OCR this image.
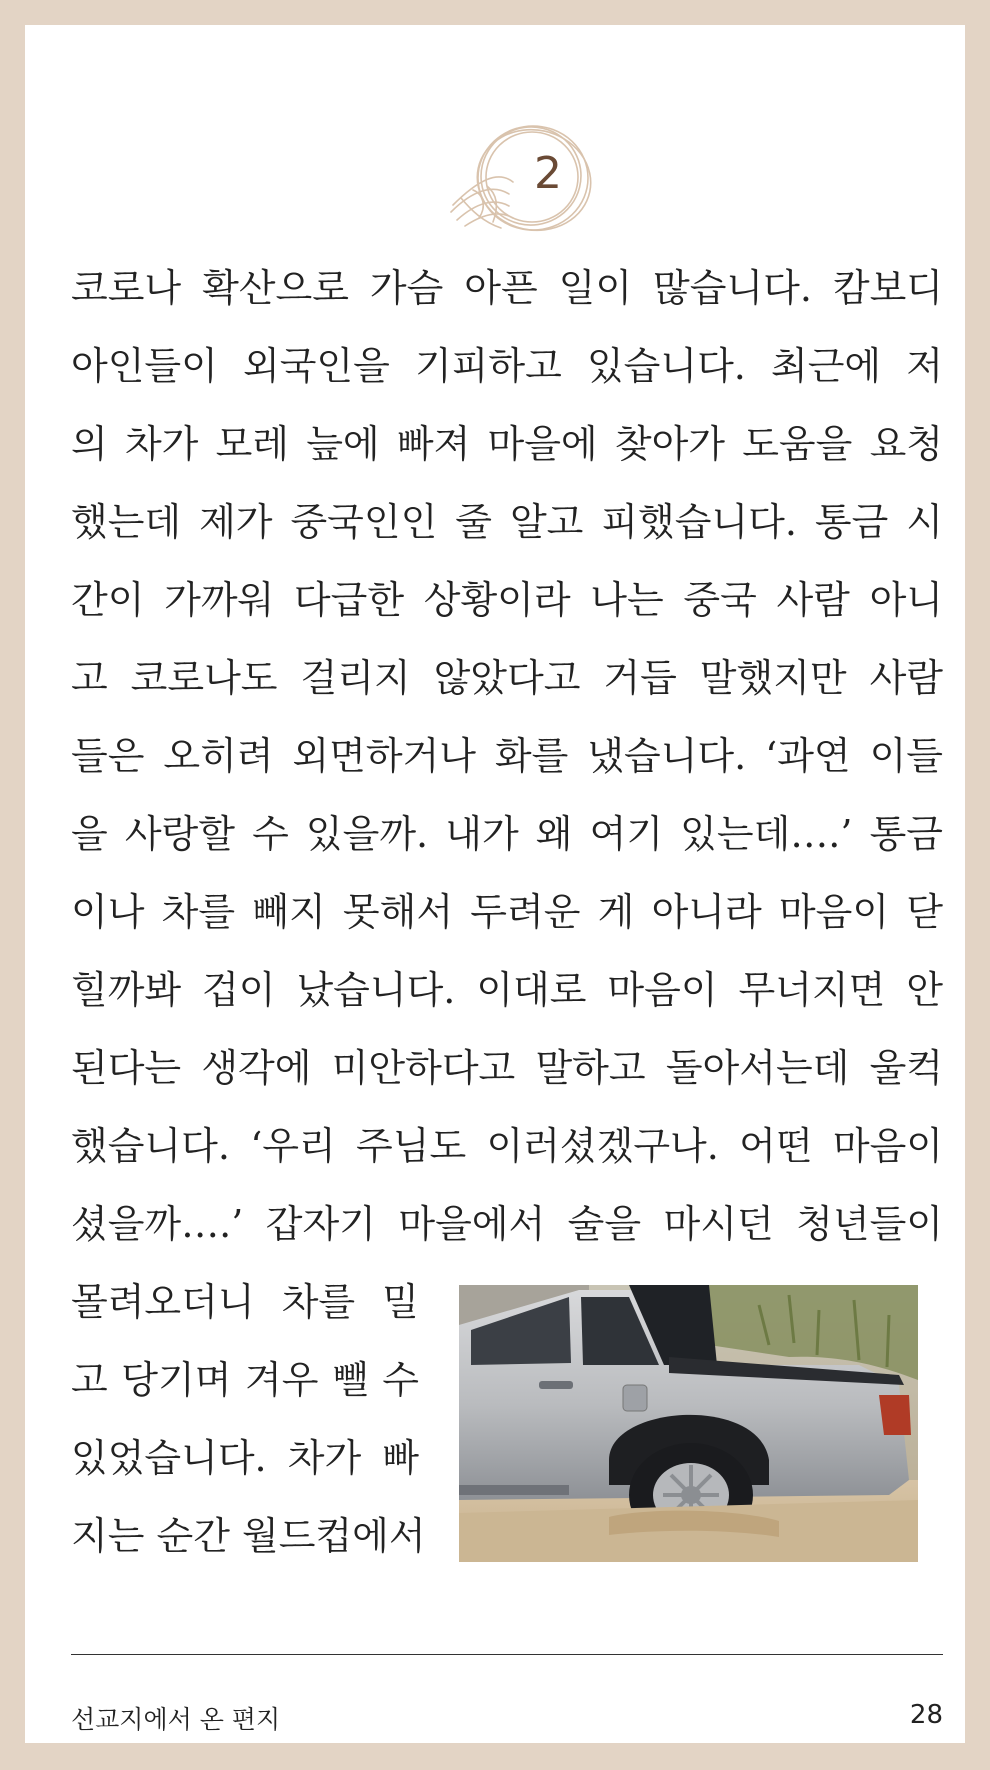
2
코로나 확산으로 가슴 아픈 일이 많습니다. 캄보디
아인들이 외국인을 기피하고 있습니다. 최근에 저
의 차가 모레 늪에 빠져 마을에 찾아가 도움을 요청
했는데 제가 중국인인 줄 알고 피했습니다. 통금 시
간이 가까워 다급한 상황이라 나는 중국 사람 아니
고 코로나도 걸리지 않았다고 거듭 말했지만 사람
들은 오히려 외면하거나 화를 냈습니다. ‘과연 이들
을 사랑할 수 있을까. 내가 왜 여기 있는데….’ 통금
이나 차를 빼지 못해서 두려운 게 아니라 마음이 닫
힐까봐 겁이 났습니다. 이대로 마음이 무너지면 안
된다는 생각에 미안하다고 말하고 돌아서는데 울컥
했습니다. ‘우리 주님도 이러셨겠구나. 어떤 마음이
셨을까….’ 갑자기 마을에서 술을 마시던 청년들이
몰려오더니 차를 밀
고 당기며 겨우 뺄 수
있었습니다. 차가 빠
지는 순간 월드컵에서
선교지에서 온 편지	28
